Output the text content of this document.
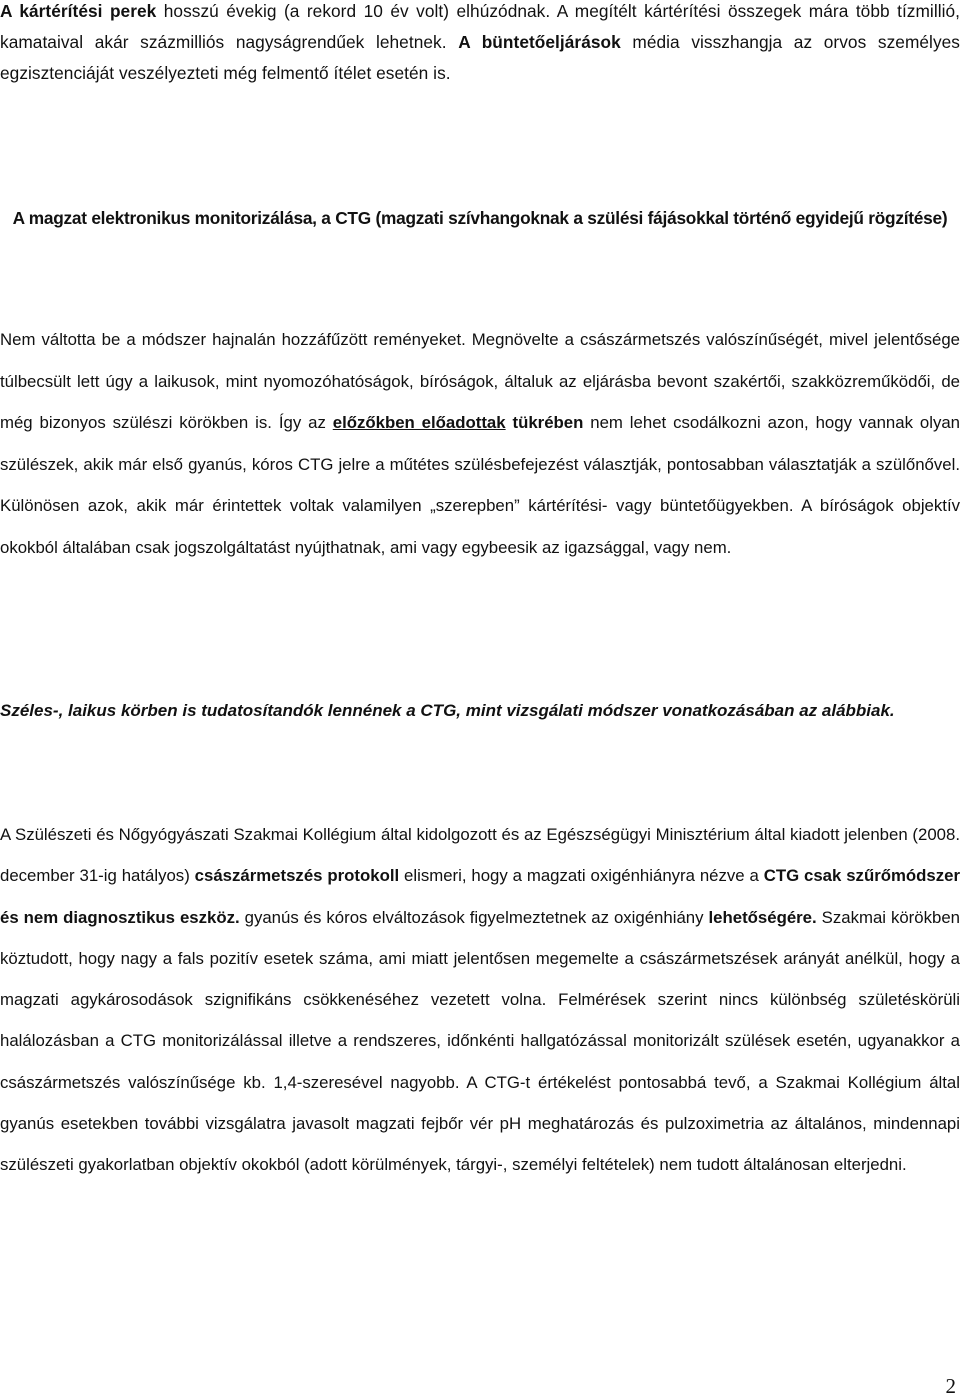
A kártérítési perek hosszú évekig (a rekord 10 év volt) elhúzódnak. A megítélt kártérítési összegek mára több tízmillió, kamataival akár százmilliós nagyságrendűek lehetnek. A büntetőeljárások média visszhangja az orvos személyes egzisztenciáját veszélyezteti még felmentő ítélet esetén is.

A magzat elektronikus monitorizálása, a CTG (magzati szívhangoknak a szülési fájásokkal történő egyidejű rögzítése)

Nem váltotta be a módszer hajnalán hozzáfűzött reményeket. Megnövelte a császármetszés valószínűségét, mivel jelentősége túlbecsült lett úgy a laikusok, mint nyomozóhatóságok, bíróságok, általuk az eljárásba bevont szakértői, szakközreműködői, de még bizonyos szülészi körökben is. Így az előzőkben előadottak tükrében nem lehet csodálkozni azon, hogy vannak olyan szülészek, akik már első gyanús, kóros CTG jelre a műtétes szülésbefejezést választják, pontosabban választatják a szülőnővel. Különösen azok, akik már érintettek voltak valamilyen „szerepben” kártérítési- vagy büntetőügyekben. A bíróságok objektív okokból általában csak jogszolgáltatást nyújthatnak, ami vagy egybeesik az igazsággal, vagy nem.

Széles-, laikus körben is tudatosítandók lennének a CTG, mint vizsgálati módszer vonatkozásában az alábbiak.

A Szülészeti és Nőgyógyászati Szakmai Kollégium által kidolgozott és az Egészségügyi Minisztérium által kiadott jelenben (2008. december 31-ig hatályos) császármetszés protokoll elismeri, hogy a magzati oxigénhiányra nézve a CTG csak szűrőmódszer és nem diagnosztikus eszköz. gyanús és kóros elváltozások figyelmeztetnek az oxigénhiány lehetőségére. Szakmai körökben köztudott, hogy nagy a fals pozitív esetek száma, ami miatt jelentősen megemelte a császármetszések arányát anélkül, hogy a magzati agykárosodások szignifikáns csökkenéséhez vezetett volna. Felmérések szerint nincs különbség születéskörüli halálozásban a CTG monitorizálással illetve a rendszeres, időnkénti hallgatózással monitorizált szülések esetén, ugyanakkor a császármetszés valószínűsége kb. 1,4-szeresével nagyobb. A CTG-t értékelést pontosabbá tevő, a Szakmai Kollégium által gyanús esetekben további vizsgálatra javasolt magzati fejbőr vér pH meghatározás és pulzoximetria az általános, mindennapi szülészeti gyakorlatban objektív okokból (adott körülmények, tárgyi-, személyi feltételek) nem tudott általánosan elterjedni.

2
